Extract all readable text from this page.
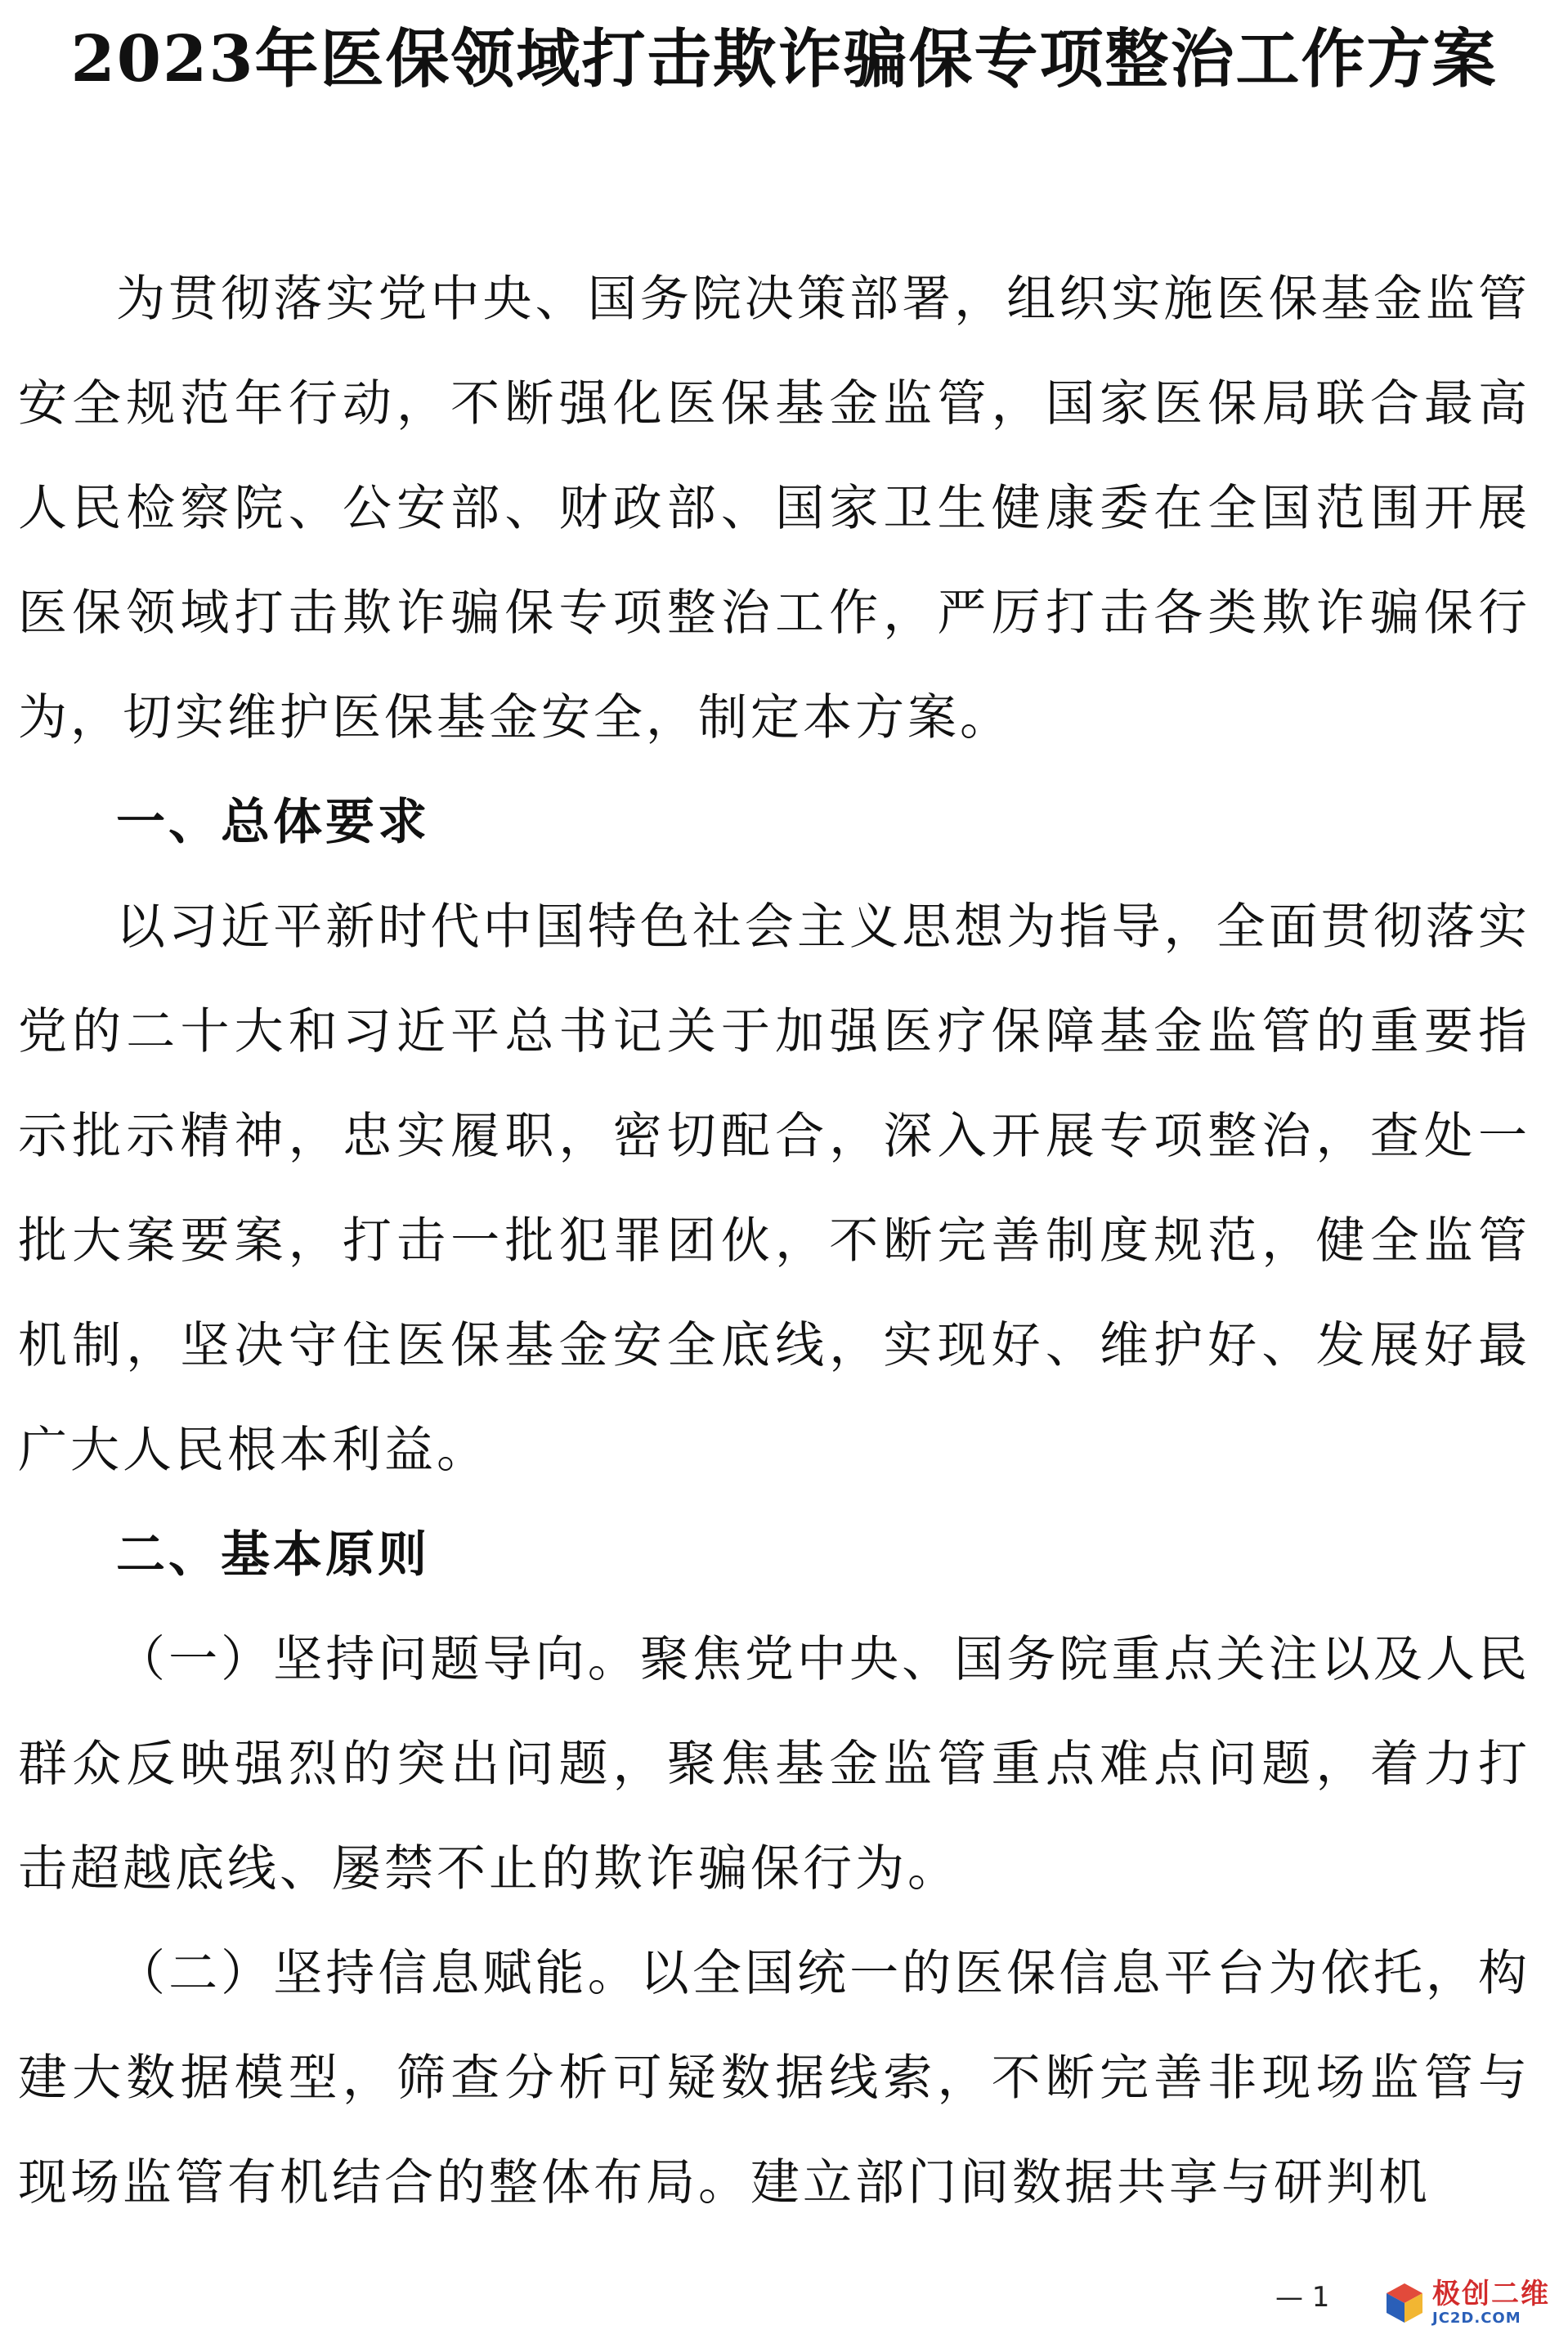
2023年医保领域打击欺诈骗保专项整治工作方案

为贯彻落实党中央、国务院决策部署，组织实施医保基金监管安全规范年行动，不断强化医保基金监管，国家医保局联合最高人民检察院、公安部、财政部、国家卫生健康委在全国范围开展医保领域打击欺诈骗保专项整治工作，严厉打击各类欺诈骗保行为，切实维护医保基金安全，制定本方案。

一、总体要求

以习近平新时代中国特色社会主义思想为指导，全面贯彻落实党的二十大和习近平总书记关于加强医疗保障基金监管的重要指示批示精神，忠实履职，密切配合，深入开展专项整治，查处一批大案要案，打击一批犯罪团伙，不断完善制度规范，健全监管机制，坚决守住医保基金安全底线，实现好、维护好、发展好最广大人民根本利益。

二、基本原则

（一）坚持问题导向。聚焦党中央、国务院重点关注以及人民群众反映强烈的突出问题，聚焦基金监管重点难点问题，着力打击超越底线、屡禁不止的欺诈骗保行为。

（二）坚持信息赋能。以全国统一的医保信息平台为依托，构建大数据模型，筛查分析可疑数据线索，不断完善非现场监管与现场监管有机结合的整体布局。建立部门间数据共享与研判机

— 1	极创二维
JC2D.COM
